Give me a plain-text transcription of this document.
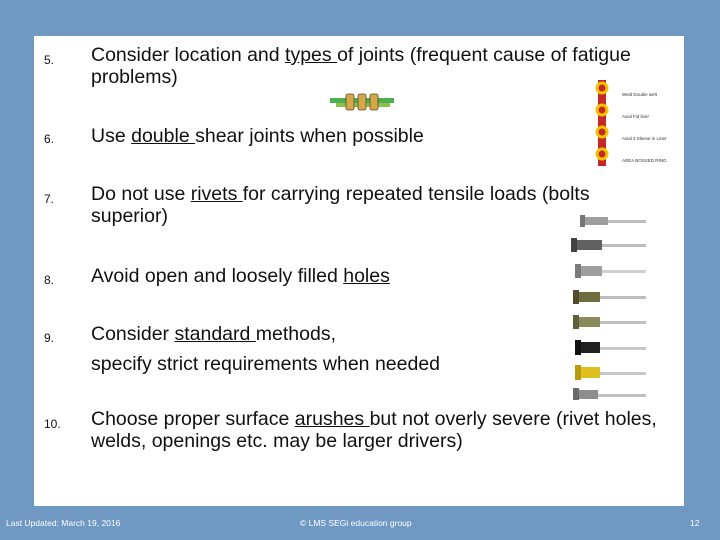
5. Consider location and types of joints (frequent cause of fatigue problems)
6. Use double shear joints when possible
7. Do not use rivets for carrying repeated tensile loads (bolts superior)
8. Avoid open and loosely filled holes
9. Consider standard methods,
specify strict requirements when needed
10. Choose proper surface arushes but not overly severe (rivet holes, welds, openings etc. may be larger drivers)
Weld Double welt
Axial Fid liner
Axial 3 Sleeve in Liner
AREA BOSSED RING
Last Updated: March 19, 2016	© LMS SEGi education group	12
